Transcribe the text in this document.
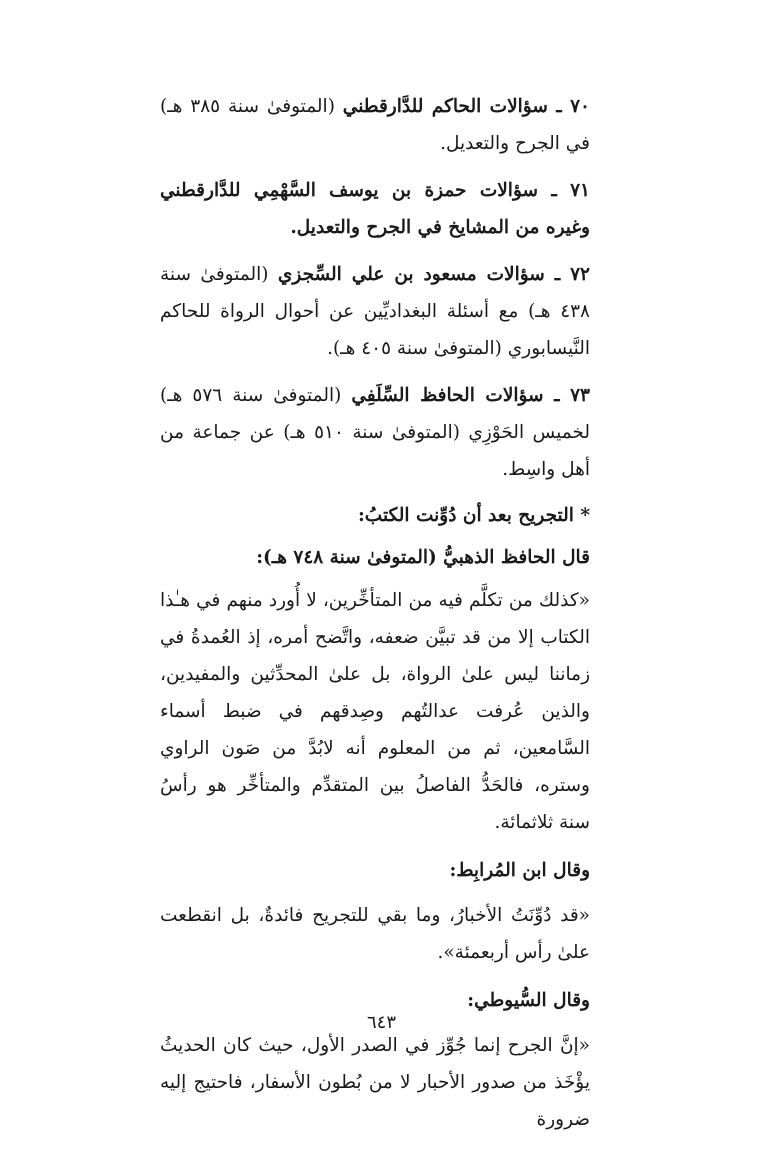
٧٠ ـ سؤالات الحاكم للدَّارقطني (المتوفىٰ سنة ٣٨٥ هـ) في الجرح والتعديل.

٧١ ـ سؤالات حمزة بن يوسف السَّهْمِي للدَّارقطني وغيره من المشايخ في الجرح والتعديل.

٧٢ ـ سؤالات مسعود بن علي السِّجزي (المتوفىٰ سنة ٤٣٨ هـ) مع أسئلة البغداديِّين عن أحوال الرواة للحاكم النَّيسابوري (المتوفىٰ سنة ٤٠٥ هـ).

٧٣ ـ سؤالات الحافظ السِّلَفِي (المتوفىٰ سنة ٥٧٦ هـ) لخميس الحَوْزِي (المتوفىٰ سنة ٥١٠ هـ) عن جماعة من أهل واسِط.

* التجريح بعد أن دُوِّنت الكتبُ:

قال الحافظ الذهبيُّ (المتوفىٰ سنة ٧٤٨ هـ):

«كذلك من تكلَّم فيه من المتأخِّرين، لا أُورد منهم في هـٰذا الكتاب إلا من قد تبيَّن ضعفه، واتَّضح أمره، إذ العُمدةُ في زماننا ليس علىٰ الرواة، بل علىٰ المحدِّثين والمفيدين، والذين عُرفت عدالتُهم وصِدقهم في ضبط أسماء السَّامعين، ثم من المعلوم أنه لابُدَّ من صَون الراوي وستره، فالحَدُّ الفاصلُ بين المتقدِّم والمتأخِّر هو رأسُ سنة ثلاثمائة.

وقال ابن المُرابِط:

«قد دُوِّنَتُ الأخبارُ، وما بقي للتجريح فائدةٌ، بل انقطعت علىٰ رأس أربعمئة».

وقال السُّيوطي:

«إنَّ الجرح إنما جُوِّز في الصدر الأول، حيث كان الحديثُ يؤْخَذ من صدور الأحبار لا من بُطون الأسفار، فاحتيج إليه ضرورة

٦٤٣
